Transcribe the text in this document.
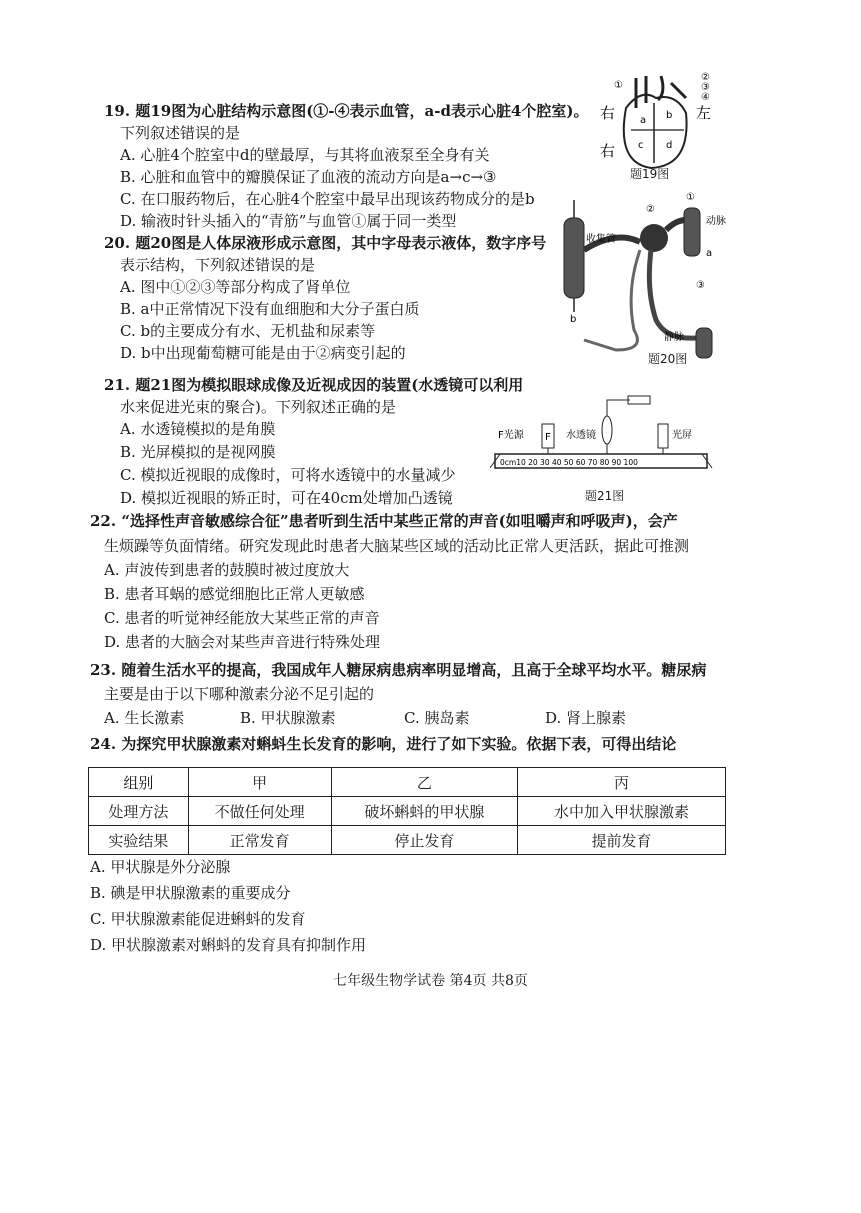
19. 题19图为心脏结构示意图(①-④表示血管，a-d表示心脏4个腔室)。
下列叙述错误的是
A. 心脏4个腔室中d的壁最厚，与其将血液泵至全身有关
B. 心脏和血管中的瓣膜保证了血液的流动方向是a→c→③
C. 在口服药物后，在心脏4个腔室中最早出现该药物成分的是b
D. 输液时针头插入的“青筋”与血管①属于同一类型
①
②
③
④
a b
c d
右	左
右
题19图
20. 题20图是人体尿液形成示意图，其中字母表示液体，数字序号
表示结构，下列叙述错误的是
A. 图中①②③等部分构成了肾单位
B. a中正常情况下没有血细胞和大分子蛋白质
C. b的主要成分有水、无机盐和尿素等
D. b中出现葡萄糖可能是由于②病变引起的
①
②
③
动脉
静脉
收集管
a
b
题20图
21. 题21图为模拟眼球成像及近视成因的装置(水透镜可以利用
水来促进光束的聚合)。下列叙述正确的是
A. 水透镜模拟的是角膜
B. 光屏模拟的是视网膜
C. 模拟近视眼的成像时，可将水透镜中的水量减少
D. 模拟近视眼的矫正时，可在40cm处增加凸透镜
F
F光源	水透镜	光屏
0cm10 20 30 40 50 60 70 80 90 100
题21图
22. “选择性声音敏感综合征”患者听到生活中某些正常的声音(如咀嚼声和呼吸声)，会产
生烦躁等负面情绪。研究发现此时患者大脑某些区域的活动比正常人更活跃，据此可推测
A. 声波传到患者的鼓膜时被过度放大
B. 患者耳蜗的感觉细胞比正常人更敏感
C. 患者的听觉神经能放大某些正常的声音
D. 患者的大脑会对某些声音进行特殊处理
23. 随着生活水平的提高，我国成年人糖尿病患病率明显增高，且高于全球平均水平。糖尿病
主要是由于以下哪种激素分泌不足引起的
A. 生长激素	B. 甲状腺激素	C. 胰岛素	D. 肾上腺素
24. 为探究甲状腺激素对蝌蚪生长发育的影响，进行了如下实验。依据下表，可得出结论
组别	甲	乙	丙
处理方法	不做任何处理	破坏蝌蚪的甲状腺	水中加入甲状腺激素
实验结果	正常发育	停止发育	提前发育
A. 甲状腺是外分泌腺
B. 碘是甲状腺激素的重要成分
C. 甲状腺激素能促进蝌蚪的发育
D. 甲状腺激素对蝌蚪的发育具有抑制作用
七年级生物学试卷 第4页 共8页
